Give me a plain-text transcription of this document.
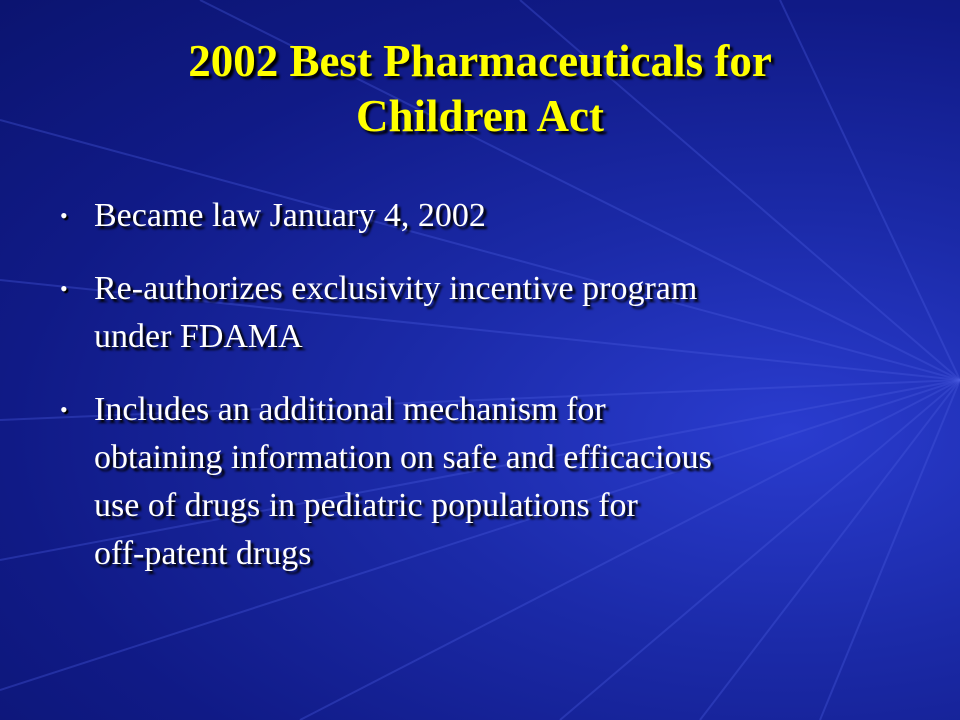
2002 Best Pharmaceuticals for
Children Act
• Became law January 4, 2002
• Re-authorizes exclusivity incentive program
under FDAMA
• Includes an additional mechanism for
obtaining information on safe and efficacious
use of drugs in pediatric populations for
off-patent drugs
